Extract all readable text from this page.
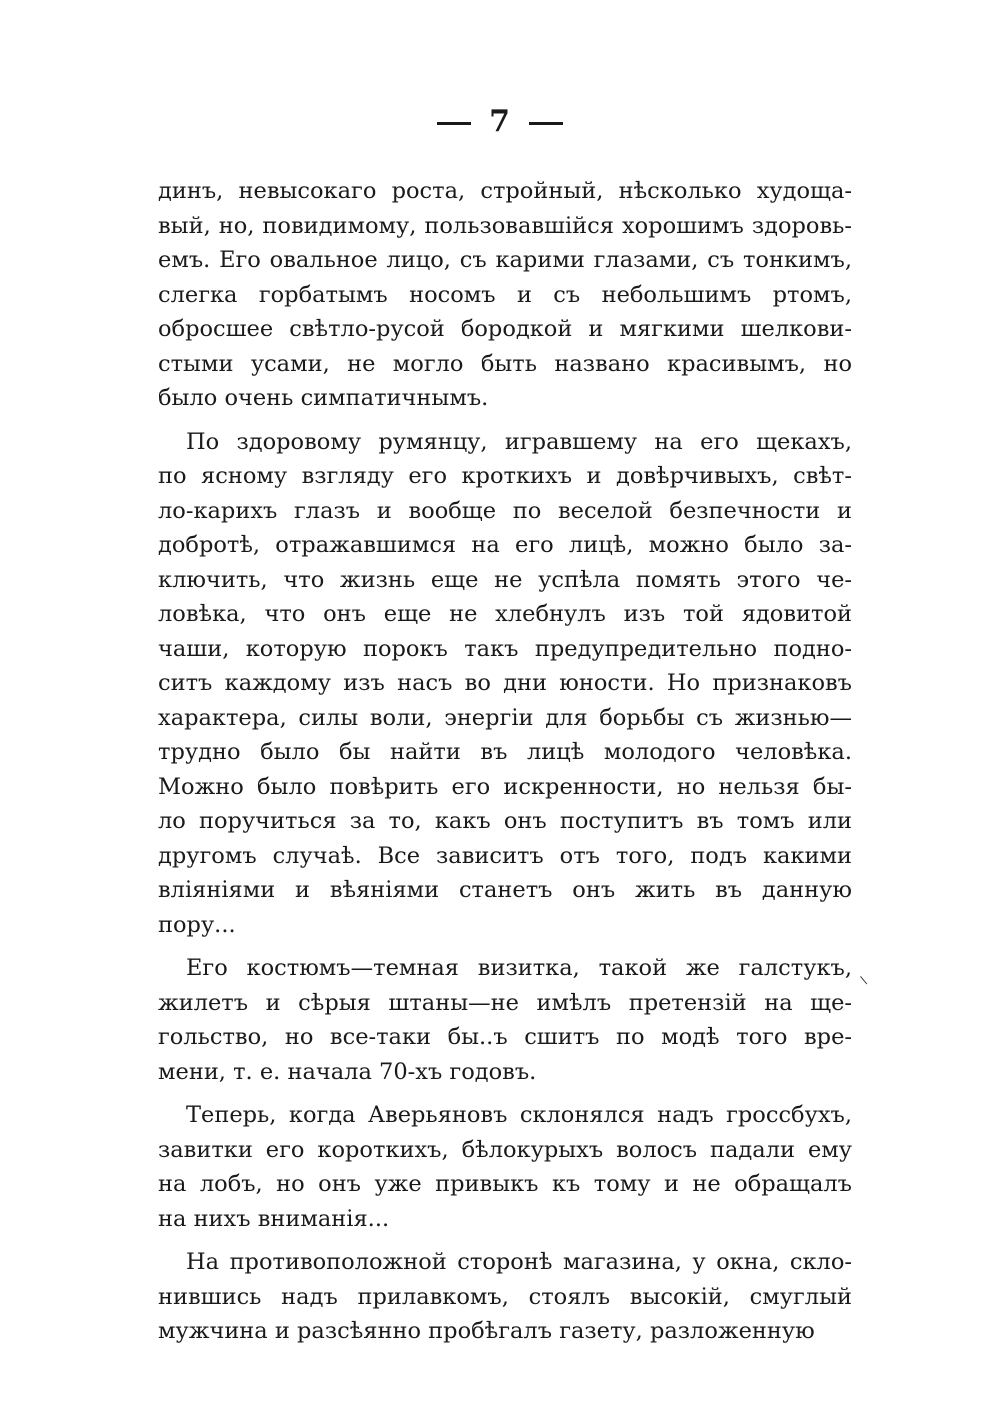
7
динъ, невысокаго роста, стройный, нѣсколько худоща-
вый, но, повидимому, пользовавшійся хорошимъ здоровь-
емъ. Его овальное лицо, съ карими глазами, съ тонкимъ,
слегка горбатымъ носомъ и съ небольшимъ ртомъ,
обросшее свѣтло-русой бородкой и мягкими шелкови-
стыми усами, не могло быть названо красивымъ, но
было очень симпатичнымъ.
По здоровому румянцу, игравшему на его щекахъ,
по ясному взгляду его кроткихъ и довѣрчивыхъ, свѣт-
ло-карихъ глазъ и вообще по веселой безпечности и
добротѣ, отражавшимся на его лицѣ, можно было за-
ключить, что жизнь еще не успѣла помять этого че-
ловѣка, что онъ еще не хлебнулъ изъ той ядовитой
чаши, которую порокъ такъ предупредительно подно-
ситъ каждому изъ насъ во дни юности. Но признаковъ
характера, силы воли, энергіи для борьбы съ жизнью—
трудно было бы найти въ лицѣ молодого человѣка.
Можно было повѣрить его искренности, но нельзя бы-
ло поручиться за то, какъ онъ поступитъ въ томъ или
другомъ случаѣ. Все зависитъ отъ того, подъ какими
вліяніями и вѣяніями станетъ онъ жить въ данную
пору...
Его костюмъ—темная визитка, такой же галстукъ,
жилетъ и сѣрыя штаны—не имѣлъ претензій на ще-
гольство, но все-таки бы..ъ сшитъ по модѣ того вре-
мени, т. е. начала 70-хъ годовъ.
Теперь, когда Аверьяновъ склонялся надъ гроссбухъ,
завитки его короткихъ, бѣлокурыхъ волосъ падали ему
на лобъ, но онъ уже привыкъ къ тому и не обращалъ
на нихъ вниманія...
На противоположной сторонѣ магазина, у окна, скло-
нившись надъ прилавкомъ, стоялъ высокій, смуглый
мужчина и разсѣянно пробѣгалъ газету, разложенную
